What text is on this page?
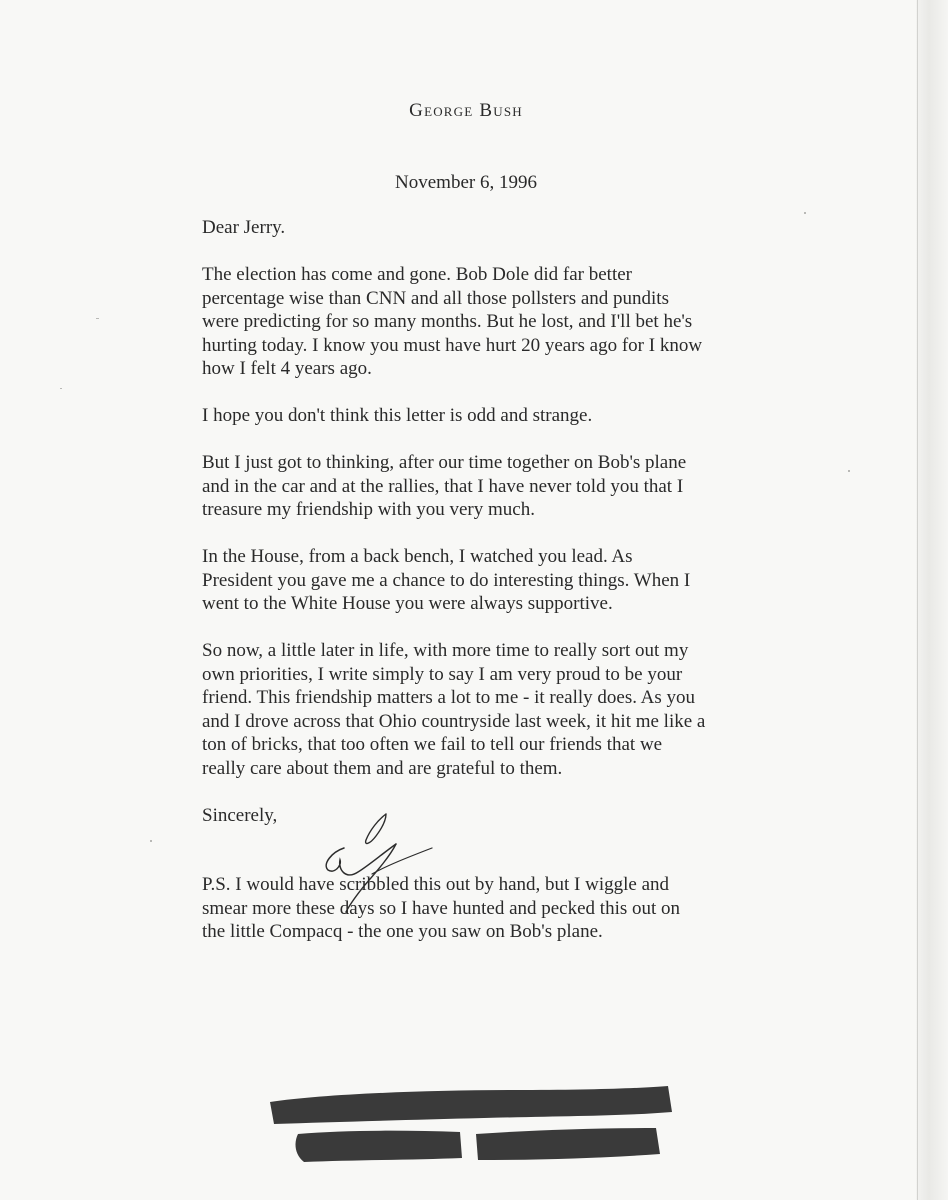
George Bush
November 6, 1996

Dear Jerry.

The election has come and gone. Bob Dole did far better
percentage wise than CNN and all those pollsters and pundits
were predicting for so many months. But he lost, and I'll bet he's
hurting today. I know you must have hurt 20 years ago for I know
how I felt 4 years ago.

I hope you don't think this letter is odd and strange.

But I just got to thinking, after our time together on Bob's plane
and in the car and at the rallies, that I have never told you that I
treasure my friendship with you very much.

In the House, from a back bench, I watched you lead. As
President you gave me a chance to do interesting things. When I
went to the White House you were always supportive.

So now, a little later in life, with more time to really sort out my
own priorities, I write simply to say I am very proud to be your
friend. This friendship matters a lot to me - it really does. As you
and I drove across that Ohio countryside last week, it hit me like a
ton of bricks, that too often we fail to tell our friends that we
really care about them and are grateful to them.

Sincerely,

P.S. I would have scribbled this out by hand, but I wiggle and
smear more these days so I have hunted and pecked this out on
the little Compacq - the one you saw on Bob's plane.
